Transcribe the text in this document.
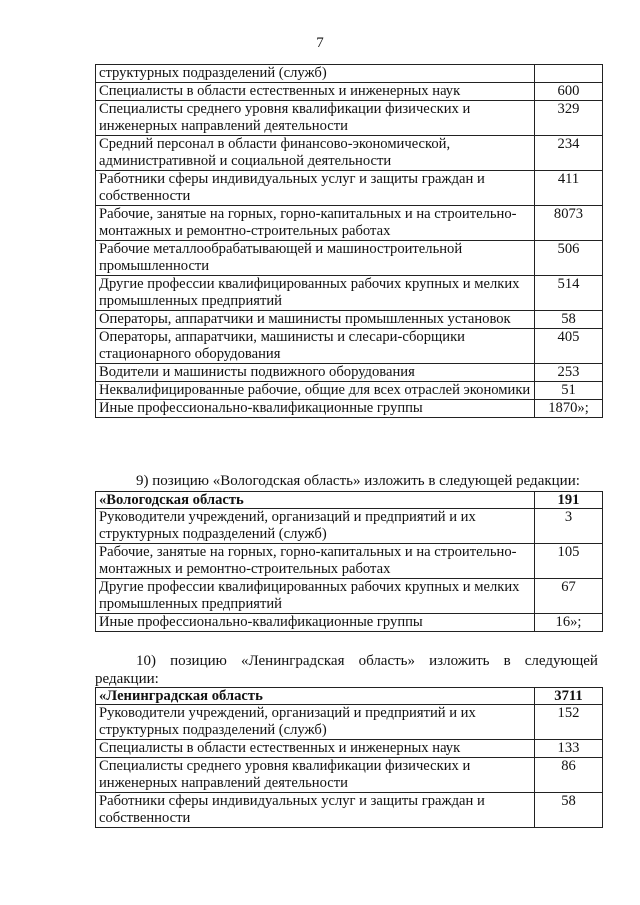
7
структурных подразделений (служб)	
Специалисты в области естественных и инженерных наук	600
Специалисты среднего уровня квалификации физических и инженерных направлений деятельности	329
Средний персонал в области финансово-экономической, административной и социальной деятельности	234
Работники сферы индивидуальных услуг и защиты граждан и собственности	411
Рабочие, занятые на горных, горно-капитальных и на строительно-монтажных и ремонтно-строительных работах	8073
Рабочие металлообрабатывающей и машиностроительной промышленности	506
Другие профессии квалифицированных рабочих крупных и мелких промышленных предприятий	514
Операторы, аппаратчики и машинисты промышленных установок	58
Операторы, аппаратчики, машинисты и слесари-сборщики стационарного оборудования	405
Водители и машинисты подвижного оборудования	253
Неквалифицированные рабочие, общие для всех отраслей экономики	51
Иные профессионально-квалификационные группы	1870»;
9) позицию «Вологодская область» изложить в следующей редакции:
«Вологодская область	191
Руководители учреждений, организаций и предприятий и их структурных подразделений (служб)	3
Рабочие, занятые на горных, горно-капитальных и на строительно-монтажных и ремонтно-строительных работах	105
Другие профессии квалифицированных рабочих крупных и мелких промышленных предприятий	67
Иные профессионально-квалификационные группы	16»;
10) позицию «Ленинградская область» изложить в следующей
редакции:
«Ленинградская область	3711
Руководители учреждений, организаций и предприятий и их структурных подразделений (служб)	152
Специалисты в области естественных и инженерных наук	133
Специалисты среднего уровня квалификации физических и инженерных направлений деятельности	86
Работники сферы индивидуальных услуг и защиты граждан и собственности	58
